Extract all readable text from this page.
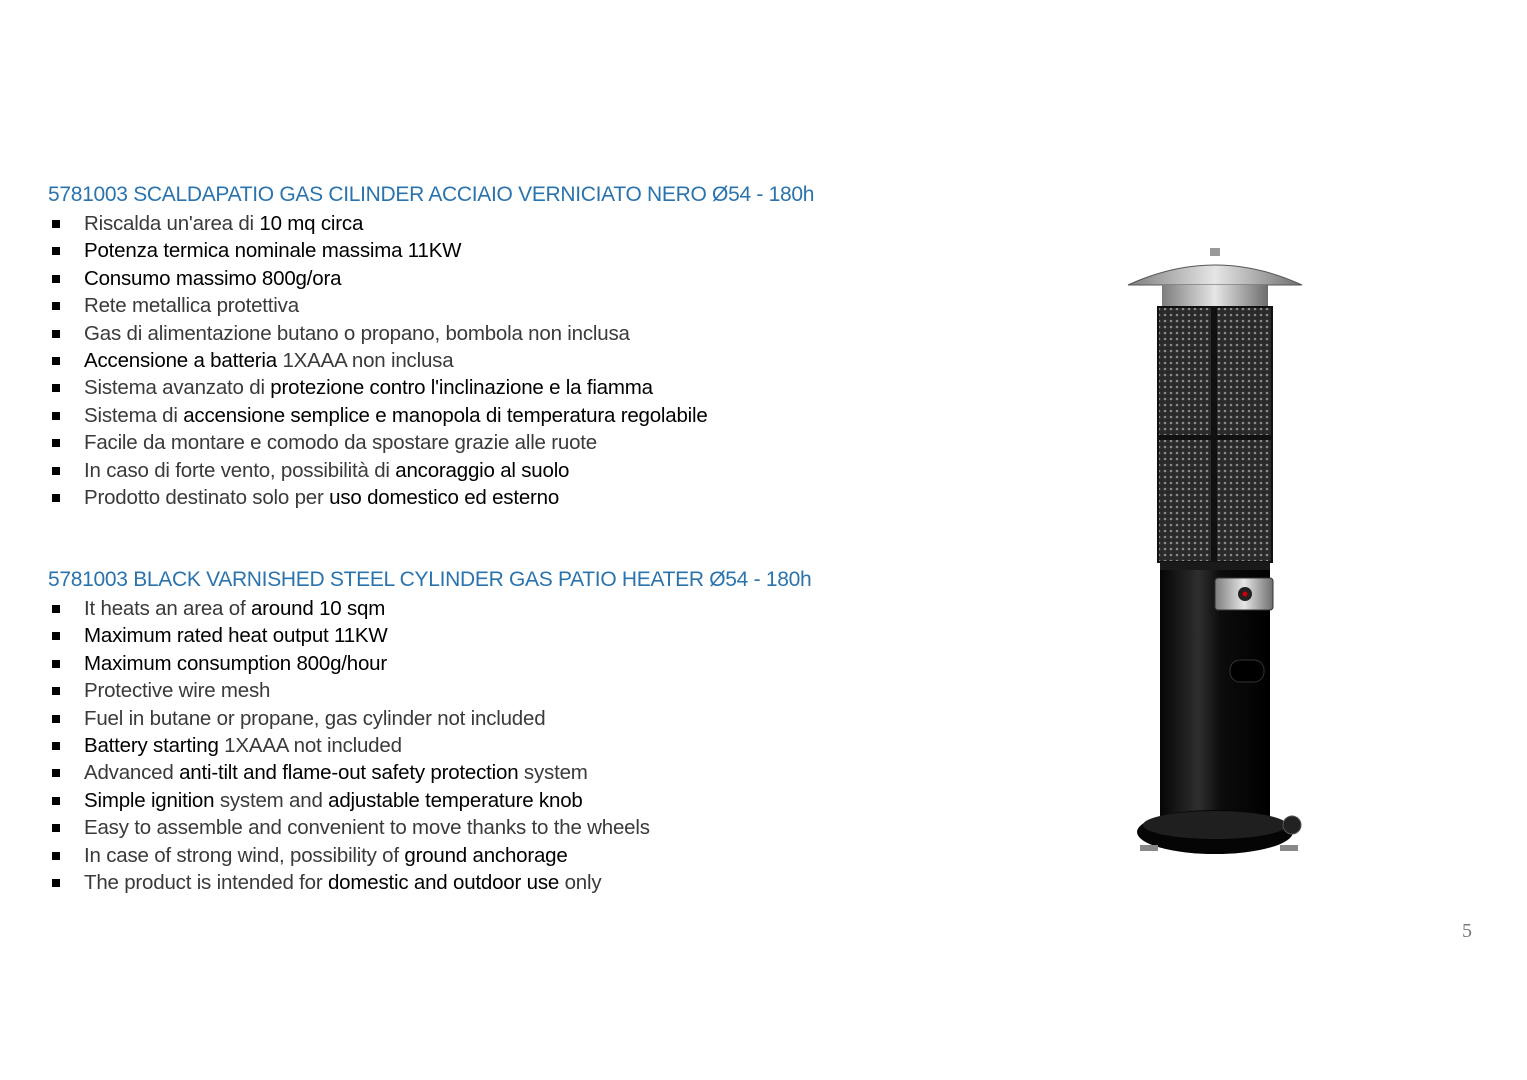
5781003 SCALDAPATIO GAS CILINDER ACCIAIO VERNICIATO NERO Ø54 - 180h
Riscalda un'area di 10 mq circa
Potenza termica nominale massima 11KW
Consumo massimo 800g/ora
Rete metallica protettiva
Gas di alimentazione butano o propano, bombola non inclusa
Accensione a batteria 1XAAA non inclusa
Sistema avanzato di protezione contro l'inclinazione e la fiamma
Sistema di accensione semplice e manopola di temperatura regolabile
Facile da montare e comodo da spostare grazie alle ruote
In caso di forte vento, possibilità di ancoraggio al suolo
Prodotto destinato solo per uso domestico ed esterno
5781003 BLACK VARNISHED STEEL CYLINDER GAS PATIO HEATER Ø54 - 180h
It heats an area of around 10 sqm
Maximum rated heat output 11KW
Maximum consumption 800g/hour
Protective wire mesh
Fuel in butane or propane, gas cylinder not included
Battery starting 1XAAA not included
Advanced anti-tilt and flame-out safety protection system
Simple ignition system and adjustable temperature knob
Easy to assemble and convenient to move thanks to the wheels
In case of strong wind, possibility of ground anchorage
The product is intended for domestic and outdoor use only
5
